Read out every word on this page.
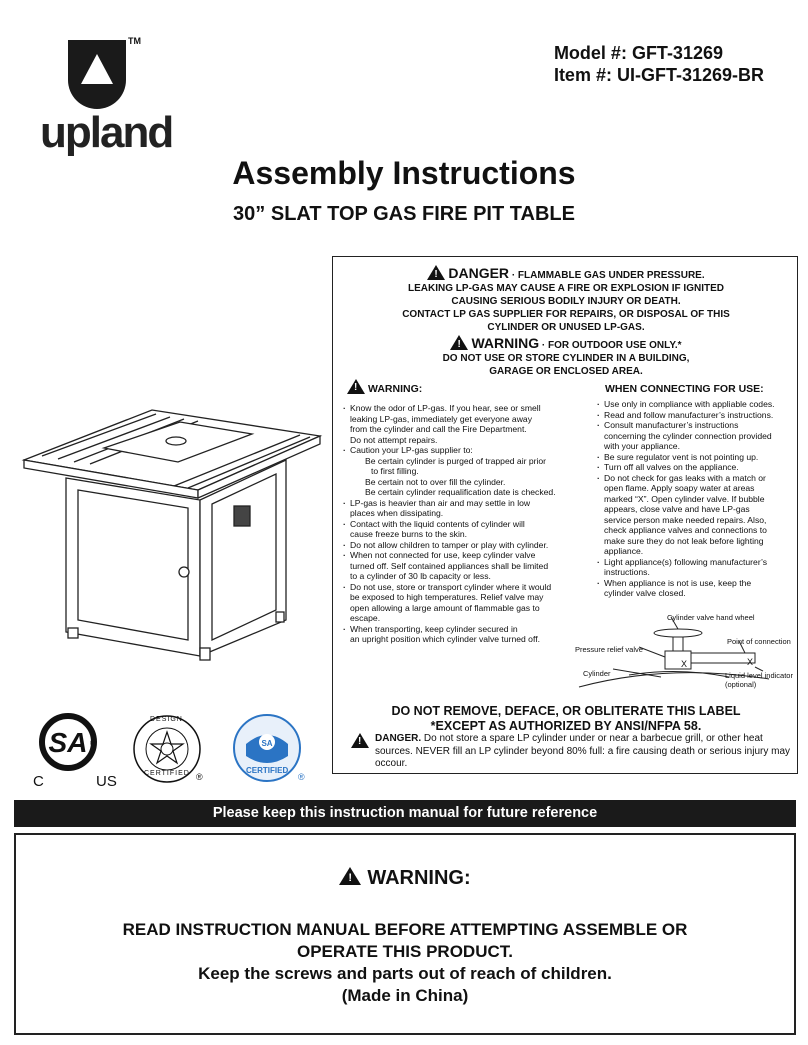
TM
upland
Model #: GFT-31269
Item #: UI-GFT-31269-BR
Assembly Instructions
30” SLAT TOP GAS FIRE PIT TABLE
!DANGER · FLAMMABLE GAS UNDER PRESSURE.
LEAKING LP-GAS MAY CAUSE A FIRE OR EXPLOSION IF IGNITED
CAUSING SERIOUS BODILY INJURY OR DEATH.
CONTACT LP GAS SUPPLIER FOR REPAIRS, OR DISPOSAL OF THIS
CYLINDER OR UNUSED LP-GAS.
!WARNING · FOR OUTDOOR USE ONLY.*
DO NOT USE OR STORE CYLINDER IN A BUILDING,
GARAGE OR ENCLOSED AREA.
!WARNING:	WHEN CONNECTING FOR USE:
· Know the odor of LP-gas. If you hear, see or smell
leaking LP-gas, immediately get everyone away
from the cylinder and call the Fire Department.
Do not attempt repairs.
· Caution your LP-gas supplier to:
Be certain cylinder is purged of trapped air prior
to first filling.
Be certain not to over fill the cylinder.
Be certain cylinder requalification date is checked.
· LP-gas is heavier than air and may settle in low
places when dissipating.
· Contact with the liquid contents of cylinder will
cause freeze burns to the skin.
· Do not allow children to tamper or play with cylinder.
· When not connected for use, keep cylinder valve
turned off. Self contained appliances shall be limited
to a cylinder of 30 lb capacity or less.
· Do not use, store or transport cylinder where it would
be exposed to high temperatures. Relief valve may
open allowing a large amount of flammable gas to
escape.
· When transporting, keep cylinder secured in
an upright position which cylinder valve turned off.
· Use only in compliance with appliable codes.
· Read and follow manufacturer’s instructions.
· Consult manufacturer’s instructions
concerning the cylinder connection provided
with your appliance.
· Be sure regulator vent is not pointing up.
· Turn off all valves on the appliance.
· Do not check for gas leaks with a match or
open flame. Apply soapy water at areas
marked “X”. Open cylinder valve. If bubble
appears, close valve and have LP-gas
service person make needed repairs. Also,
check appliance valves and connections to
make sure they do not leak before lighting
appliance.
· Light appliance(s) following manufacturer’s
instructions.
· When appliance is not is use, keep the
cylinder valve closed.
X	X
Cylinder valve hand wheel
Point of connection
Pressure relief valve
Cylinder	Liquid level indicator
(optional)
DO NOT REMOVE, DEFACE, OR OBLITERATE THIS LABEL
*EXCEPT AS AUTHORIZED BY ANSI/NFPA 58.
!
DANGER. Do not store a spare LP cylinder under or near a barbecue grill, or other heat sources. NEVER fill an LP cylinder beyond 80% full: a fire causing death or serious injury may occour.
SA
C	US
®
DESIGN
CERTIFIED ®
SA
CERTIFIED
®
Please keep this instruction manual for future reference
!WARNING:
READ INSTRUCTION MANUAL BEFORE ATTEMPTING ASSEMBLE OR
OPERATE THIS PRODUCT.
Keep the screws and parts out of reach of children.
(Made in China)
